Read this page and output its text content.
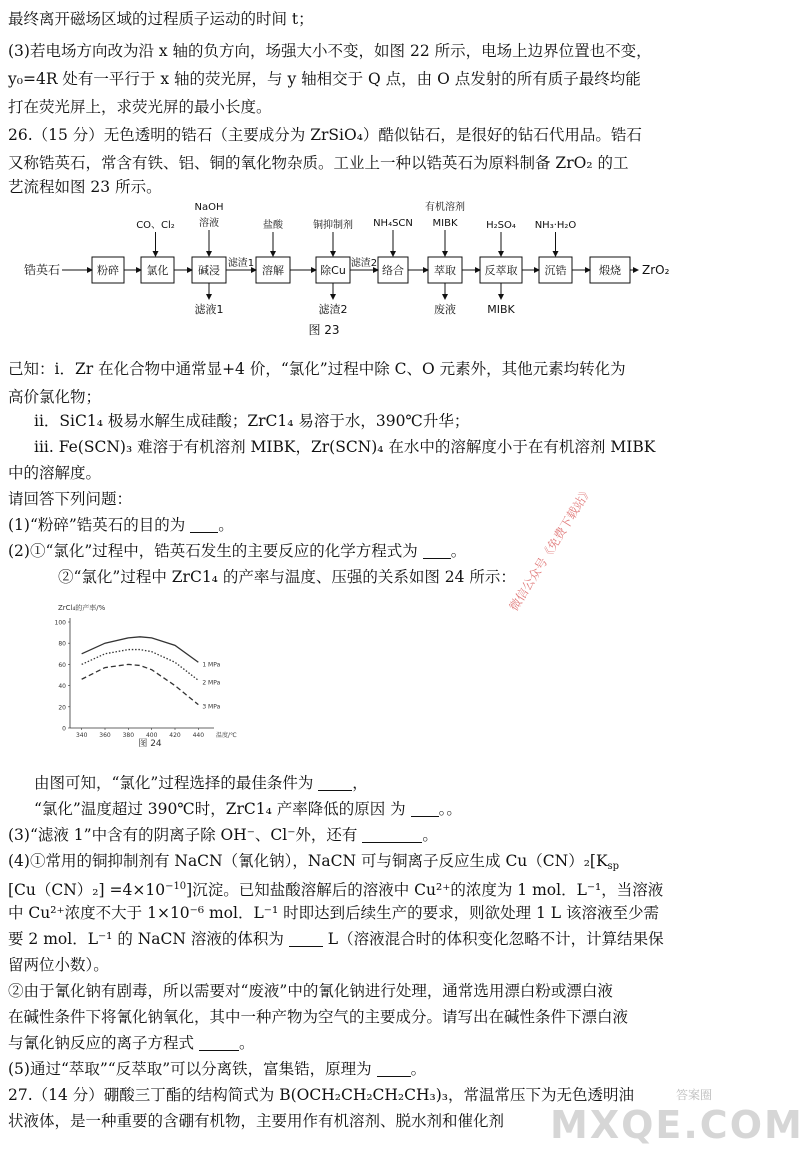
最终离开磁场区域的过程质子运动的时间 t；
(3)若电场方向改为沿 x 轴的负方向，场强大小不变，如图 22 所示，电场上边界位置也不变，
y₀=4R 处有一平行于 x 轴的荧光屏，与 y 轴相交于 Q 点，由 O 点发射的所有质子最终均能
打在荧光屏上，求荧光屏的最小长度。
26.（15 分）无色透明的锆石（主要成分为 ZrSiO₄）酷似钻石，是很好的钻石代用品。锆石
又称锆英石，常含有铁、铝、铜的氧化物杂质。工业上一种以锆英石为原料制备 ZrO₂ 的工
艺流程如图 23 所示。
锆英石	粉碎	氯化	碱浸	溶解	除Cu	络合	萃取	反萃取 沉锆	煅烧 ZrO₂
CO、Cl₂
NaOH
溶液	盐酸	铜抑制剂 NH₄SCN
有机溶剂
MIBK	H₂SO₄ NH₃·H₂O
滤渣1	滤渣2
滤液1	滤渣2	废液	MIBK
图 23
己知：i．Zr 在化合物中通常显+4 价，“氯化”过程中除 C、O 元素外，其他元素均转化为
高价氯化物；
ii．SiC1₄ 极易水解生成硅酸；ZrC1₄ 易溶于水，390℃升华；
iii. Fe(SCN)₃ 难溶于有机溶剂 MIBK，Zr(SCN)₄ 在水中的溶解度小于在有机溶剂 MIBK
中的溶解度。
请回答下列问题：
(1)“粉碎”锆英石的目的为 。
(2)①“氯化”过程中，锆英石发生的主要反应的化学方程式为 。
②“氯化”过程中 ZrC1₄ 的产率与温度、压强的关系如图 24 所示：
ZrCl₄的产率/%
0
20
40
60
80
100
340 360 380 400 420 440 温度/℃
1 MPa
2 MPa
3 MPa
图 24
微信公众号《免费下载站》
由图可知，“氯化”过程选择的最佳条件为	，
“氯化”温度超过 390℃时，ZrC1₄ 产率降低的原因 为 。。
(3)“滤液 1”中含有的阴离子除 OH⁻、Cl⁻外，还有	。
(4)①常用的铜抑制剂有 NaCN（氰化钠），NaCN 可与铜离子反应生成 $Cu(CN)_2[K_{sp}$
$[Cu(CN)_2] =4\times 10^{-10}$]沉淀。已知盐酸溶解后的溶液中 Cu²⁺的浓度为 1 mol．L⁻¹，当溶液
中 Cu²⁺浓度不大于 1×10⁻⁶ mol．L⁻¹ 时即达到后续生产的要求，则欲处理 1 L 该溶液至少需
要 2 mol．L⁻¹ 的 NaCN 溶液的体积为	L（溶液混合时的体积变化忽略不计，计算结果保
留两位小数）。
②由于氰化钠有剧毒，所以需要对“废液”中的氰化钠进行处理，通常选用漂白粉或漂白液
在碱性条件下将氰化钠氧化，其中一种产物为空气的主要成分。请写出在碱性条件下漂白液
与氰化钠反应的离子方程式	。
(5)通过“萃取”“反萃取”可以分离铁，富集锆，原理为	。
27.（14 分）硼酸三丁酯的结构简式为 B(OCH₂CH₂CH₂CH₃)₃，常温常压下为无色透明油
状液体，是一种重要的含硼有机物，主要用作有机溶剂、脱水剂和催化剂
答案圈
MXQE.COM
